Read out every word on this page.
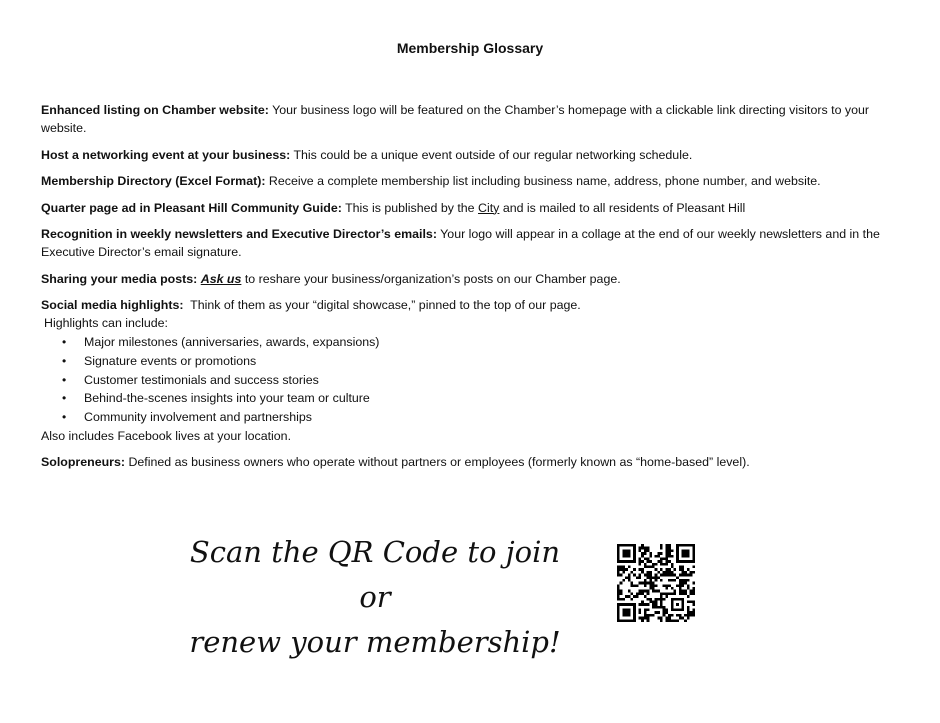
Membership Glossary

Enhanced listing on Chamber website: Your business logo will be featured on the Chamber’s homepage with a clickable link directing visitors to your website.

Host a networking event at your business: This could be a unique event outside of our regular networking schedule.

Membership Directory (Excel Format): Receive a complete membership list including business name, address, phone number, and website.

Quarter page ad in Pleasant Hill Community Guide: This is published by the City and is mailed to all residents of Pleasant Hill

Recognition in weekly newsletters and Executive Director’s emails: Your logo will appear in a collage at the end of our weekly newsletters and in the Executive Director’s email signature.

Sharing your media posts: Ask us to reshare your business/organization’s posts on our Chamber page.

Social media highlights:  Think of them as your “digital showcase,” pinned to the top of our page.

Highlights can include:

• Major milestones (anniversaries, awards, expansions)
• Signature events or promotions
• Customer testimonials and success stories
• Behind-the-scenes insights into your team or culture
• Community involvement and partnerships

Also includes Facebook lives at your location.

Solopreneurs: Defined as business owners who operate without partners or employees (formerly known as “home-based” level).

Scan the QR Code to join or
renew your membership!
